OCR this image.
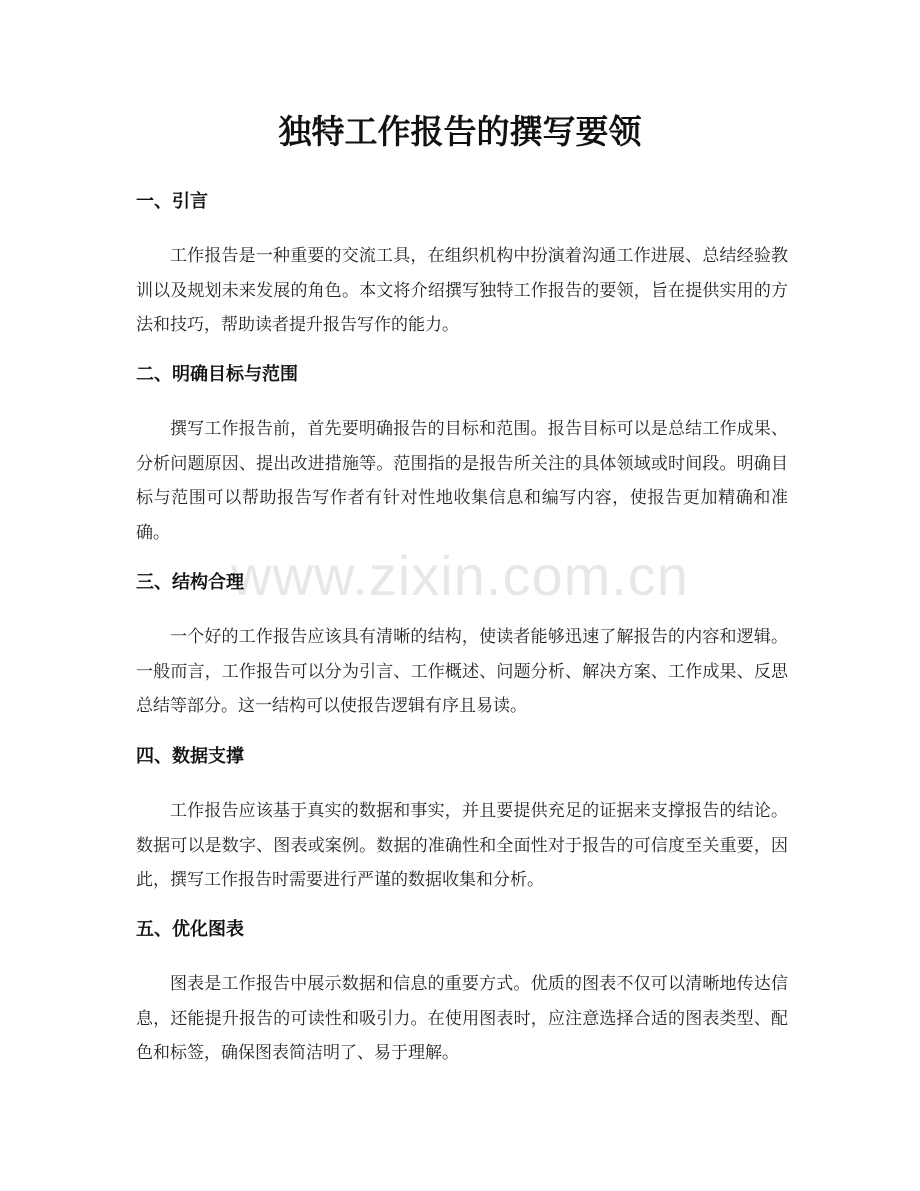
独特工作报告的撰写要领
一、引言

工作报告是一种重要的交流工具，在组织机构中扮演着沟通工作进展、总结经验教训以及规划未来发展的角色。本文将介绍撰写独特工作报告的要领，旨在提供实用的方法和技巧，帮助读者提升报告写作的能力。

二、明确目标与范围

撰写工作报告前，首先要明确报告的目标和范围。报告目标可以是总结工作成果、分析问题原因、提出改进措施等。范围指的是报告所关注的具体领域或时间段。明确目标与范围可以帮助报告写作者有针对性地收集信息和编写内容，使报告更加精确和准确。

三、结构合理

一个好的工作报告应该具有清晰的结构，使读者能够迅速了解报告的内容和逻辑。一般而言，工作报告可以分为引言、工作概述、问题分析、解决方案、工作成果、反思总结等部分。这一结构可以使报告逻辑有序且易读。

四、数据支撑

工作报告应该基于真实的数据和事实，并且要提供充足的证据来支撑报告的结论。数据可以是数字、图表或案例。数据的准确性和全面性对于报告的可信度至关重要，因此，撰写工作报告时需要进行严谨的数据收集和分析。

五、优化图表

图表是工作报告中展示数据和信息的重要方式。优质的图表不仅可以清晰地传达信息，还能提升报告的可读性和吸引力。在使用图表时，应注意选择合适的图表类型、配色和标签，确保图表简洁明了、易于理解。

www.zixin.com.cn
